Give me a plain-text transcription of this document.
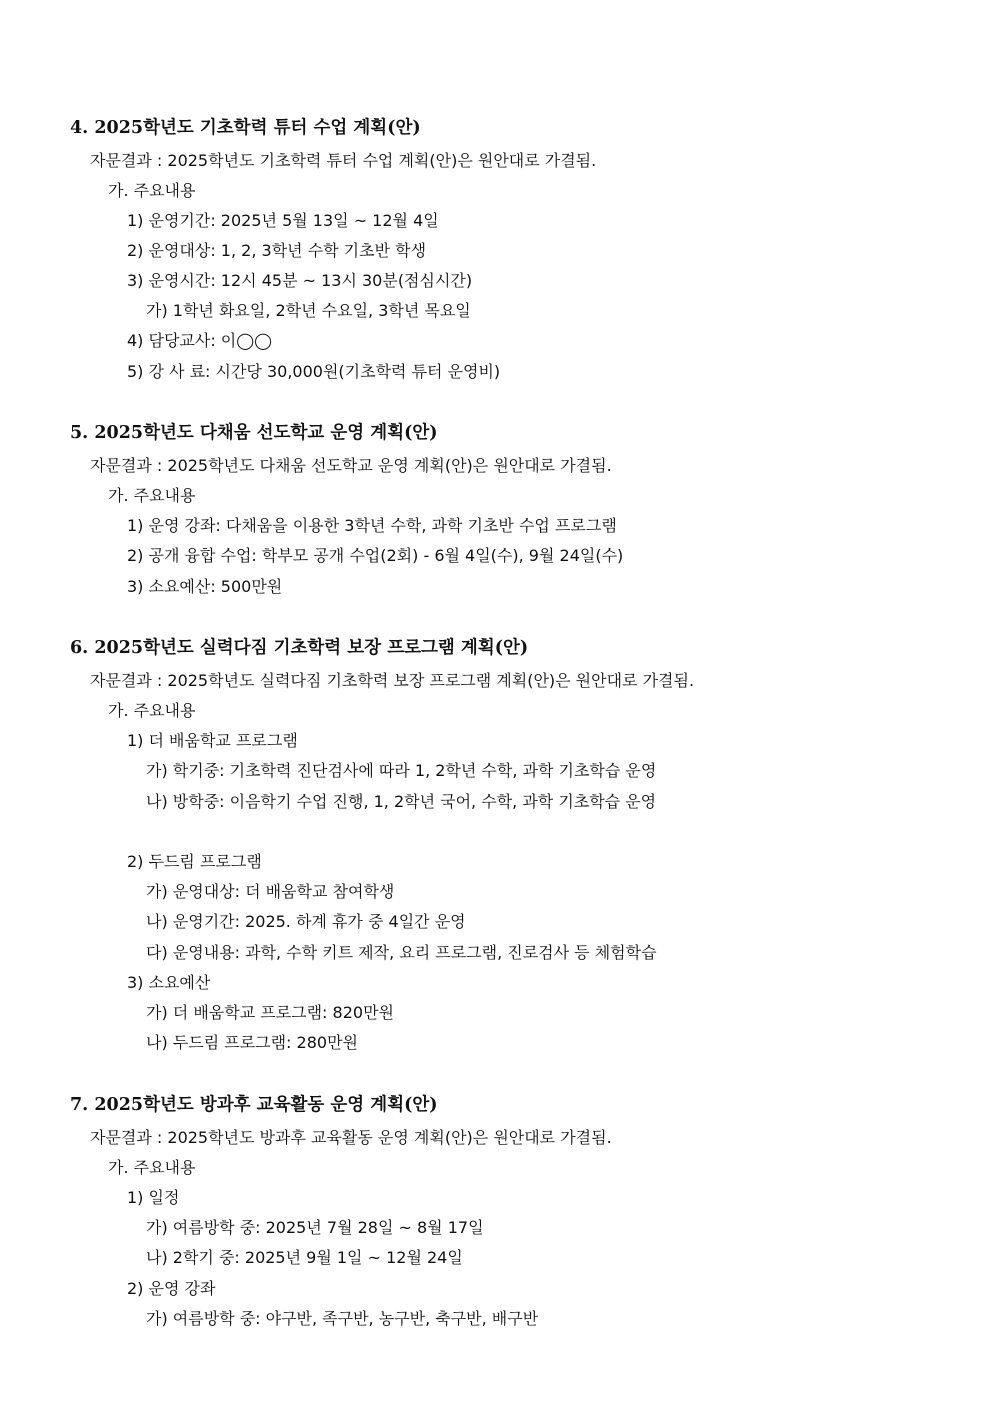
4. 2025학년도 기초학력 튜터 수업 계획(안)
자문결과 : 2025학년도 기초학력 튜터 수업 계획(안)은 원안대로 가결됨.
가. 주요내용
1) 운영기간: 2025년 5월 13일 ~ 12월 4일
2) 운영대상: 1, 2, 3학년 수학 기초반 학생
3) 운영시간: 12시 45분 ~ 13시 30분(점심시간)
가) 1학년 화요일, 2학년 수요일, 3학년 목요일
4) 담당교사: 이◯◯
5) 강 사 료: 시간당 30,000원(기초학력 튜터 운영비)
5. 2025학년도 다채움 선도학교 운영 계획(안)
자문결과 : 2025학년도 다채움 선도학교 운영 계획(안)은 원안대로 가결됨.
가. 주요내용
1) 운영 강좌: 다채움을 이용한 3학년 수학, 과학 기초반 수업 프로그램
2) 공개 융합 수업: 학부모 공개 수업(2회) - 6월 4일(수), 9월 24일(수)
3) 소요예산: 500만원
6. 2025학년도 실력다짐 기초학력 보장 프로그램 계획(안)
자문결과 : 2025학년도 실력다짐 기초학력 보장 프로그램 계획(안)은 원안대로 가결됨.
가. 주요내용
1) 더 배움학교 프로그램
가) 학기중: 기초학력 진단검사에 따라 1, 2학년 수학, 과학 기초학습 운영
나) 방학중: 이음학기 수업 진행, 1, 2학년 국어, 수학, 과학 기초학습 운영
2) 두드림 프로그램
가) 운영대상: 더 배움학교 참여학생
나) 운영기간: 2025. 하계 휴가 중 4일간 운영
다) 운영내용: 과학, 수학 키트 제작, 요리 프로그램, 진로검사 등 체험학습
3) 소요예산
가) 더 배움학교 프로그램: 820만원
나) 두드림 프로그램: 280만원
7. 2025학년도 방과후 교육활동 운영 계획(안)
자문결과 : 2025학년도 방과후 교육활동 운영 계획(안)은 원안대로 가결됨.
가. 주요내용
1) 일정
가) 여름방학 중: 2025년 7월 28일 ~ 8월 17일
나) 2학기 중: 2025년 9월 1일 ~ 12월 24일
2) 운영 강좌
가) 여름방학 중: 야구반, 족구반, 농구반, 축구반, 배구반
